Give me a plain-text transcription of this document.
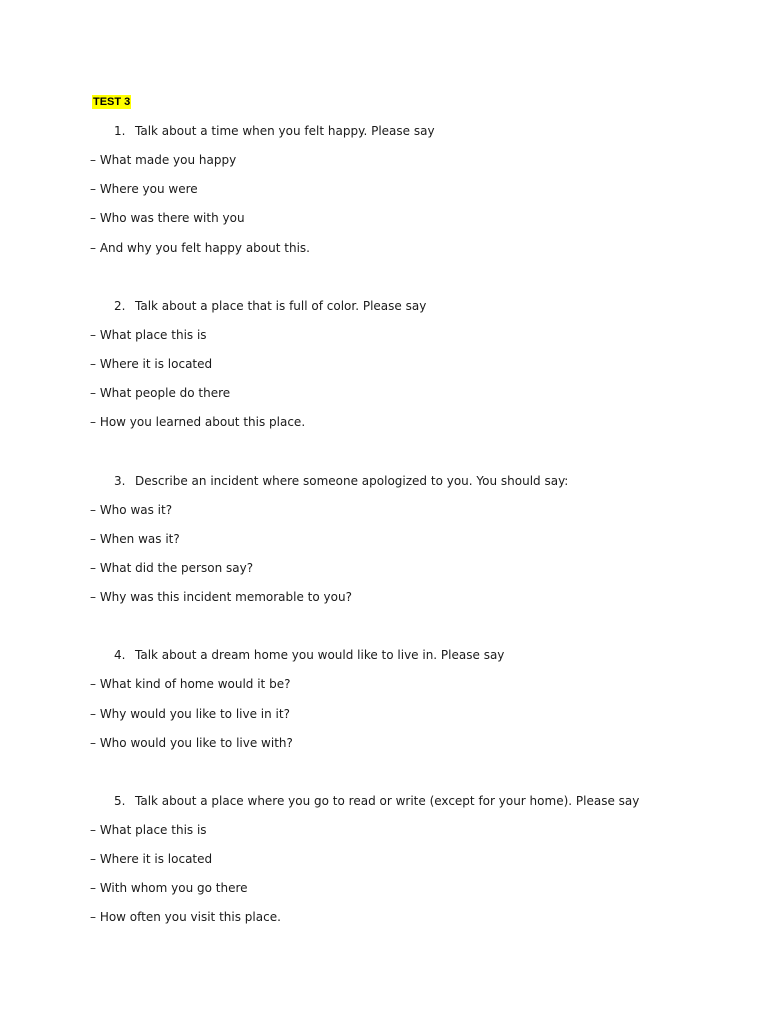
TEST 3

1. Talk about a time when you felt happy. Please say

– What made you happy

– Where you were

– Who was there with you

– And why you felt happy about this.

2. Talk about a place that is full of color. Please say

– What place this is

– Where it is located

– What people do there

– How you learned about this place.

3. Describe an incident where someone apologized to you. You should say:

– Who was it?

– When was it?

– What did the person say?

– Why was this incident memorable to you?

4. Talk about a dream home you would like to live in. Please say

– What kind of home would it be?

– Why would you like to live in it?

– Who would you like to live with?

5. Talk about a place where you go to read or write (except for your home). Please say

– What place this is

– Where it is located

– With whom you go there

– How often you visit this place.
